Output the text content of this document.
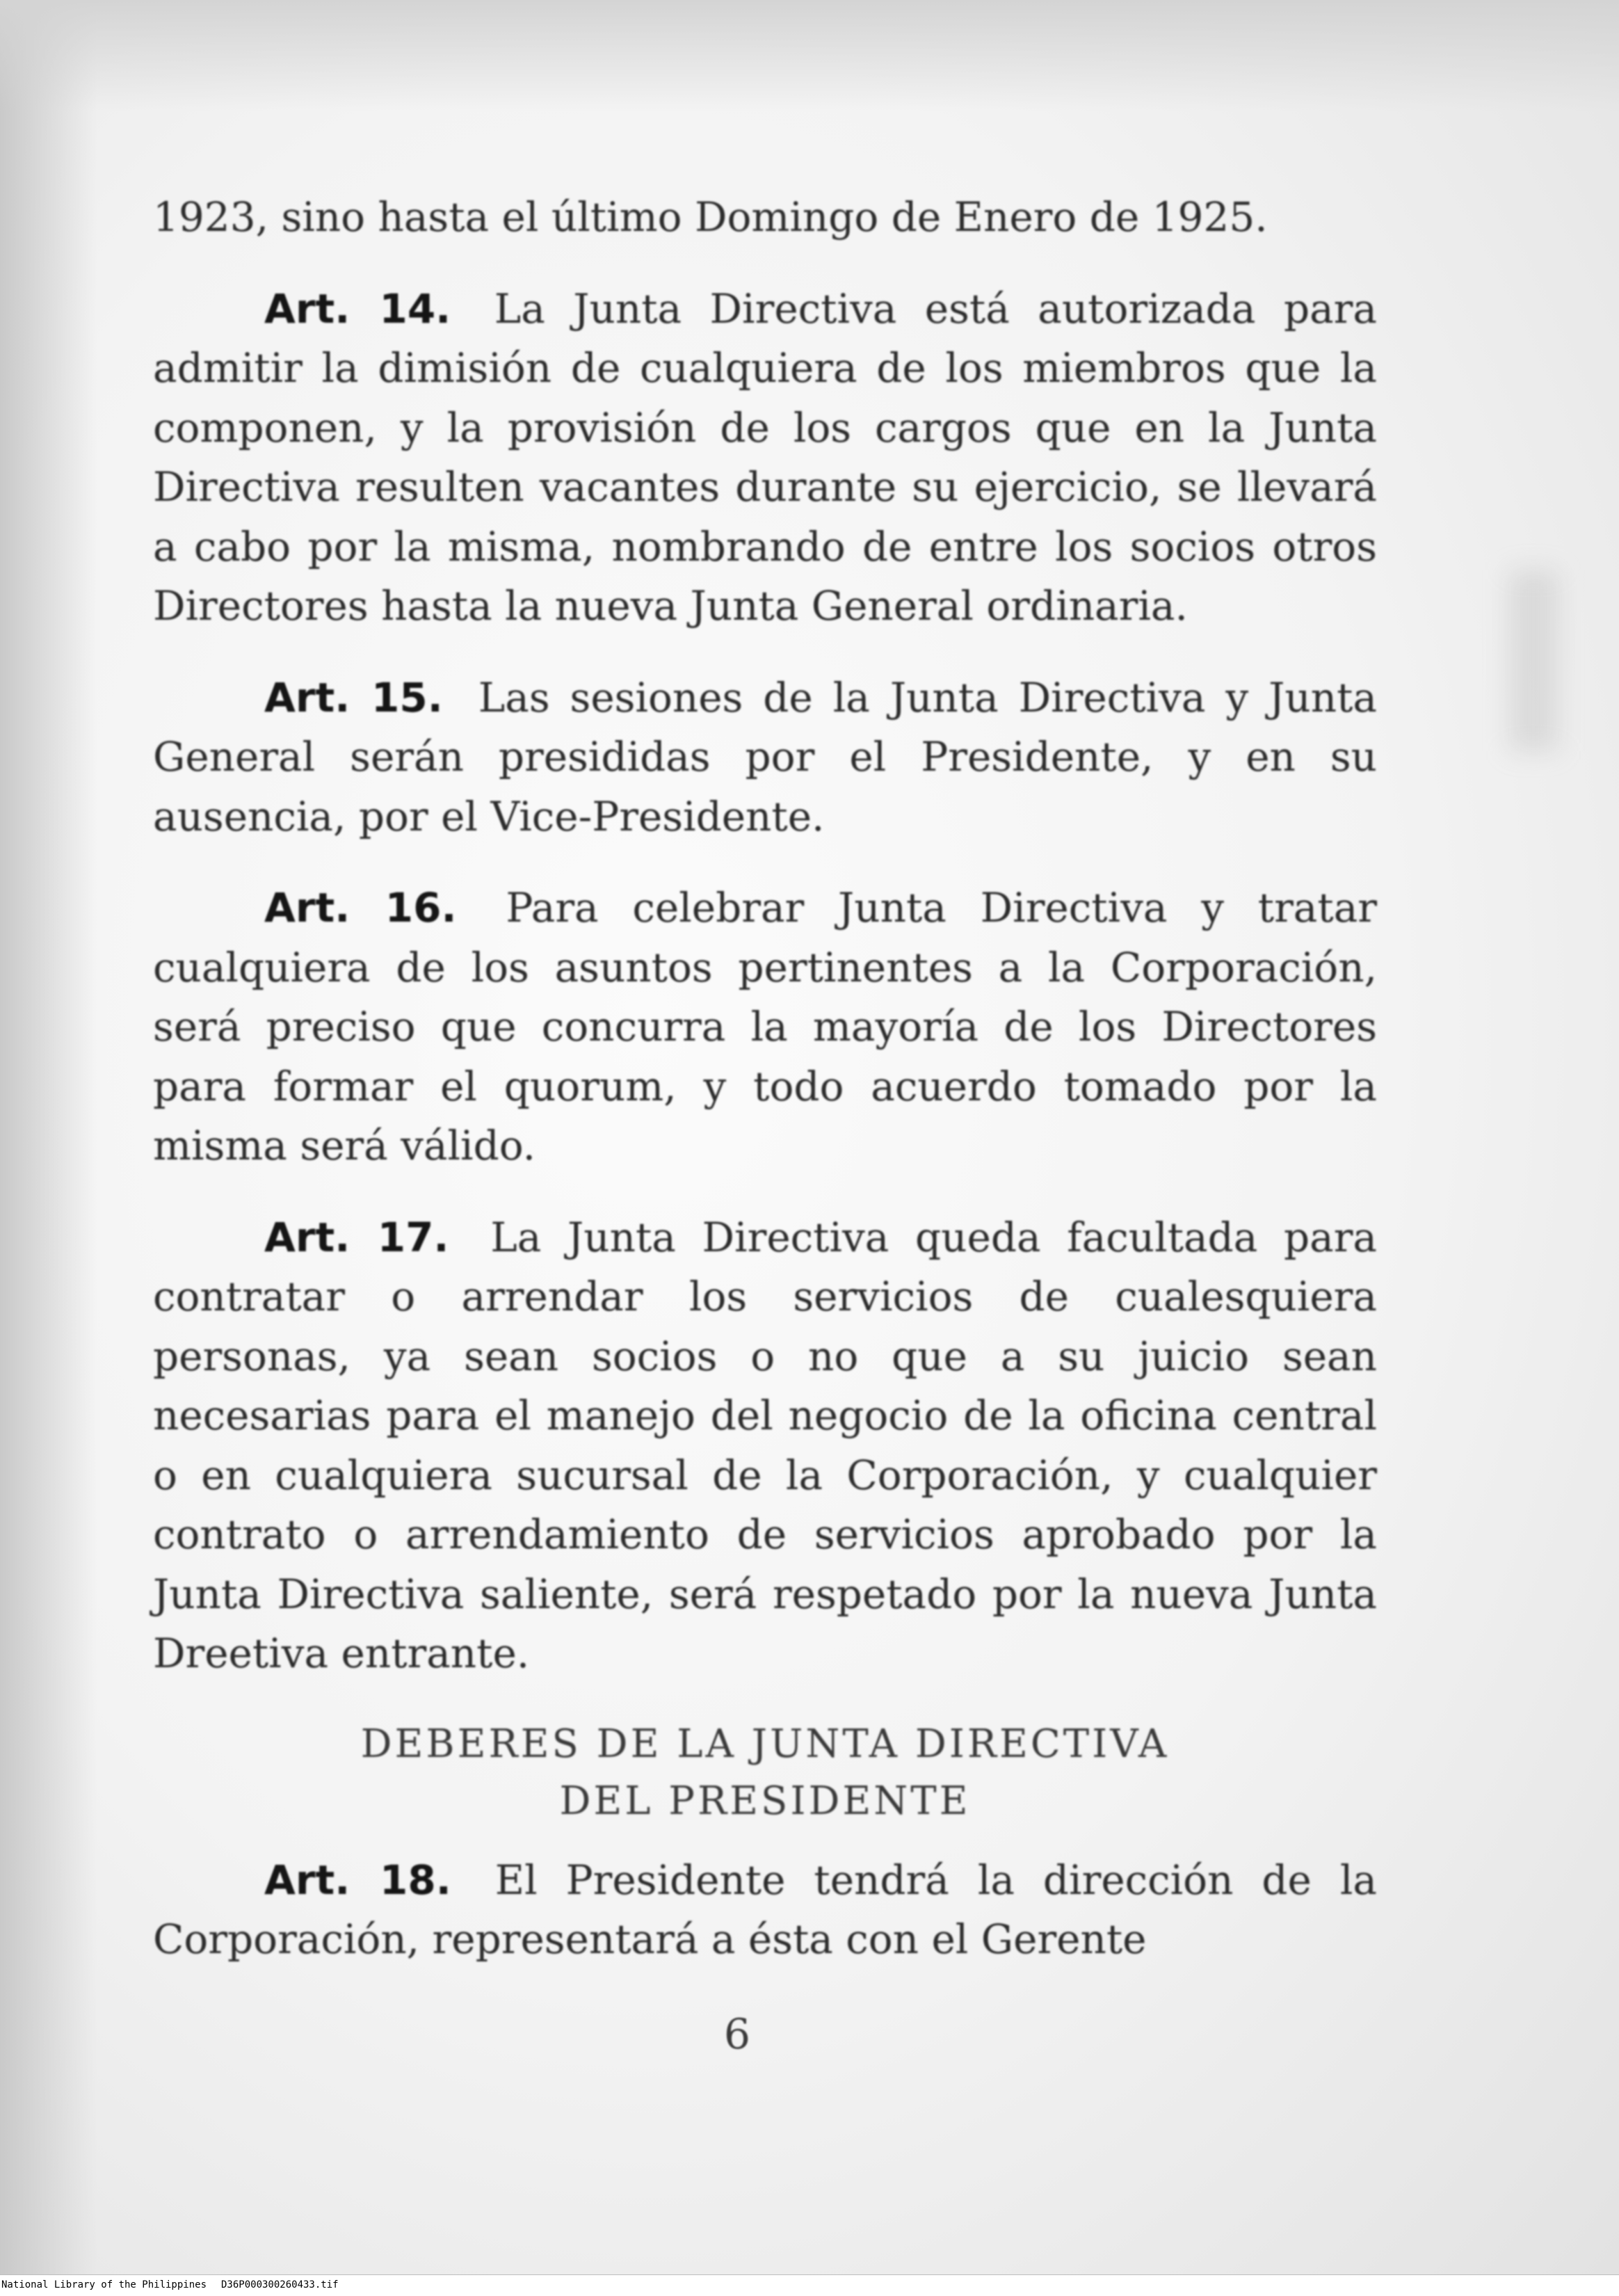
1923, sino hasta el último Domingo de Enero de 1925.

Art. 14. La Junta Directiva está autorizada para admitir la dimisión de cualquiera de los miembros que la componen, y la provisión de los cargos que en la Junta Directiva resulten vacantes durante su ejercicio, se llevará a cabo por la misma, nombrando de entre los socios otros Directores hasta la nueva Junta General ordinaria.

Art. 15. Las sesiones de la Junta Directiva y Junta General serán presididas por el Presidente, y en su ausencia, por el Vice-Presidente.

Art. 16. Para celebrar Junta Directiva y tratar cualquiera de los asuntos pertinentes a la Corporación, será preciso que concurra la mayoría de los Directores para formar el quorum, y todo acuerdo tomado por la misma será válido.

Art. 17. La Junta Directiva queda facultada para contratar o arrendar los servicios de cualesquiera personas, ya sean socios o no que a su juicio sean necesarias para el manejo del negocio de la oficina central o en cualquiera sucursal de la Corporación, y cualquier contrato o arrendamiento de servicios aprobado por la Junta Directiva saliente, será respetado por la nueva Junta Dreetiva entrante.

DEBERES DE LA JUNTA DIRECTIVA
DEL PRESIDENTE

Art. 18. El Presidente tendrá la dirección de la Corporación, representará a ésta con el Gerente

6
National Library of the Philippines D36P000300260433.tif
